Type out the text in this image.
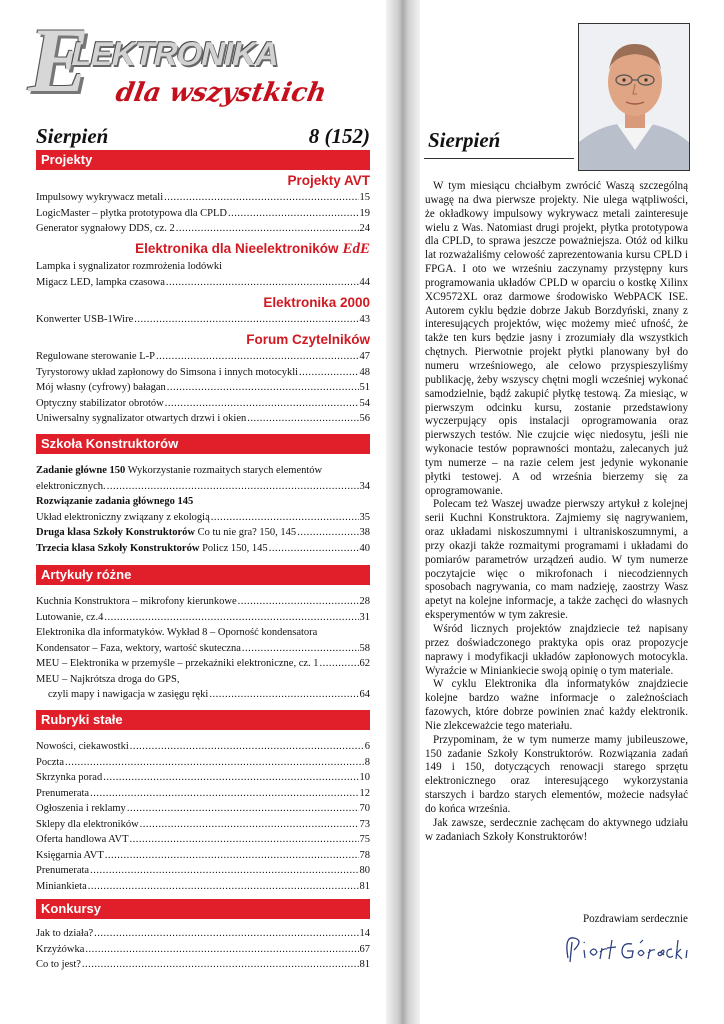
E
LEKTRONIKA
dla wszystkich
Sierpień	8 (152)
Projekty
Projekty AVT
Impulsowy wykrywacz metali .....	15
LogicMaster – płytka prototypowa dla CPLD .....	19
Generator sygnałowy DDS, cz. 2 .....	24
Elektronika dla Nieelektroników EdE
Lampka i sygnalizator rozmrożenia lodówki
Migacz LED, lampka czasowa .....	44
Elektronika 2000
Konwerter USB-1Wire .....	43
Forum Czytelników
Regulowane sterowanie L-P .....	47
Tyrystorowy układ zapłonowy do Simsona i innych motocykli .....	48
Mój własny (cyfrowy) bałagan .....	51
Optyczny stabilizator obrotów .....	54
Uniwersalny sygnalizator otwartych drzwi i okien .....	56
Szkoła Konstruktorów
Zadanie główne 150 Wykorzystanie rozmaitych starych elementów
elektronicznych. .....	34
Rozwiązanie zadania głównego 145
Układ elektroniczny związany z ekologią .....	35
Druga klasa Szkoły Konstruktorów Co tu nie gra? 150, 145 .....	38
Trzecia klasa Szkoły Konstruktorów Policz 150, 145 .....	40
Artykuły różne
Kuchnia Konstruktora – mikrofony kierunkowe .....	28
Lutowanie, cz.4 .....	31
Elektronika dla informatyków. Wykład 8 – Oporność kondensatora
Kondensator – Faza, wektory, wartość skuteczna .....	58
MEU – Elektronika w przemyśle – przekaźniki elektroniczne, cz. 1 .....	62
MEU – Najkrótsza droga do GPS,
czyli mapy i nawigacja w zasięgu ręki .....	64
Rubryki stałe
Nowości, ciekawostki .....	6
Poczta .....	8
Skrzynka porad .....	10
Prenumerata .....	12
Ogłoszenia i reklamy .....	70
Sklepy dla elektroników .....	73
Oferta handlowa AVT .....	75
Księgarnia AVT .....	78
Prenumerata .....	80
Miniankieta .....	81
Konkursy
Jak to działa? .....	14
Krzyżówka .....	67
Co to jest? .....	81
Sierpień

W tym miesiącu chciałbym zwrócić Waszą szczególną uwagę na dwa pierwsze projekty. Nie ulega wątpliwości, że okładkowy impulsowy wykrywacz metali zainteresuje wielu z Was. Natomiast drugi projekt, płytka prototypowa dla CPLD, to sprawa jeszcze poważniejsza. Otóż od kilku lat rozważaliśmy celowość zaprezentowania kursu CPLD i FPGA. I oto we wrześniu zaczynamy przystępny kurs programowania układów CPLD w oparciu o kostkę Xilinx XC9572XL oraz darmowe środowisko WebPACK ISE. Autorem cyklu będzie dobrze Jakub Borzdyński, znany z interesujących projektów, więc możemy mieć ufność, że także ten kurs będzie jasny i zrozumiały dla wszystkich chętnych. Pierwotnie projekt płytki planowany był do numeru wrześniowego, ale celowo przyspieszyliśmy publikację, żeby wszyscy chętni mogli wcześniej wykonać samodzielnie, bądź zakupić płytkę testową. Za miesiąc, w pierwszym odcinku kursu, zostanie przedstawiony wyczerpujący opis instalacji oprogramowania oraz pierwszych testów. Nie czujcie więc niedosytu, jeśli nie wykonacie testów poprawności montażu, zalecanych już tym numerze – na razie celem jest jedynie wykonanie płytki testowej. A od września bierzemy się za oprogramowanie.

Polecam też Waszej uwadze pierwszy artykuł z kolejnej serii Kuchni Konstruktora. Zajmiemy się nagrywaniem, oraz układami niskoszumnymi i ultraniskoszumnymi, a przy okazji także rozmaitymi programami i układami do pomiarów parametrów urządzeń audio. W tym numerze poczytajcie więc o mikrofonach i niecodziennych sposobach nagrywania, co mam nadzieję, zaostrzy Wasz apetyt na kolejne informacje, a także zachęci do własnych eksperymentów w tym zakresie.

Wśród licznych projektów znajdziecie też napisany przez doświadczonego praktyka opis oraz propozycje naprawy i modyfikacji układów zapłonowych motocykla. Wyraźcie w Miniankiecie swoją opinię o tym materiale.

W cyklu Elektronika dla informatyków znajdziecie kolejne bardzo ważne informacje o zależnościach fazowych, które dobrze powinien znać każdy elektronik. Nie zlekceważcie tego materiału.

Przypominam, że w tym numerze mamy jubileuszowe, 150 zadanie Szkoły Konstruktorów. Rozwiązania zadań 149 i 150, dotyczących renowacji starego sprzętu elektronicznego oraz interesującego wykorzystania starszych i bardzo starych elementów, możecie nadsyłać do końca września.

Jak zawsze, serdecznie zachęcam do aktywnego udziału w zadaniach Szkoły Konstruktorów!

Pozdrawiam serdecznie
